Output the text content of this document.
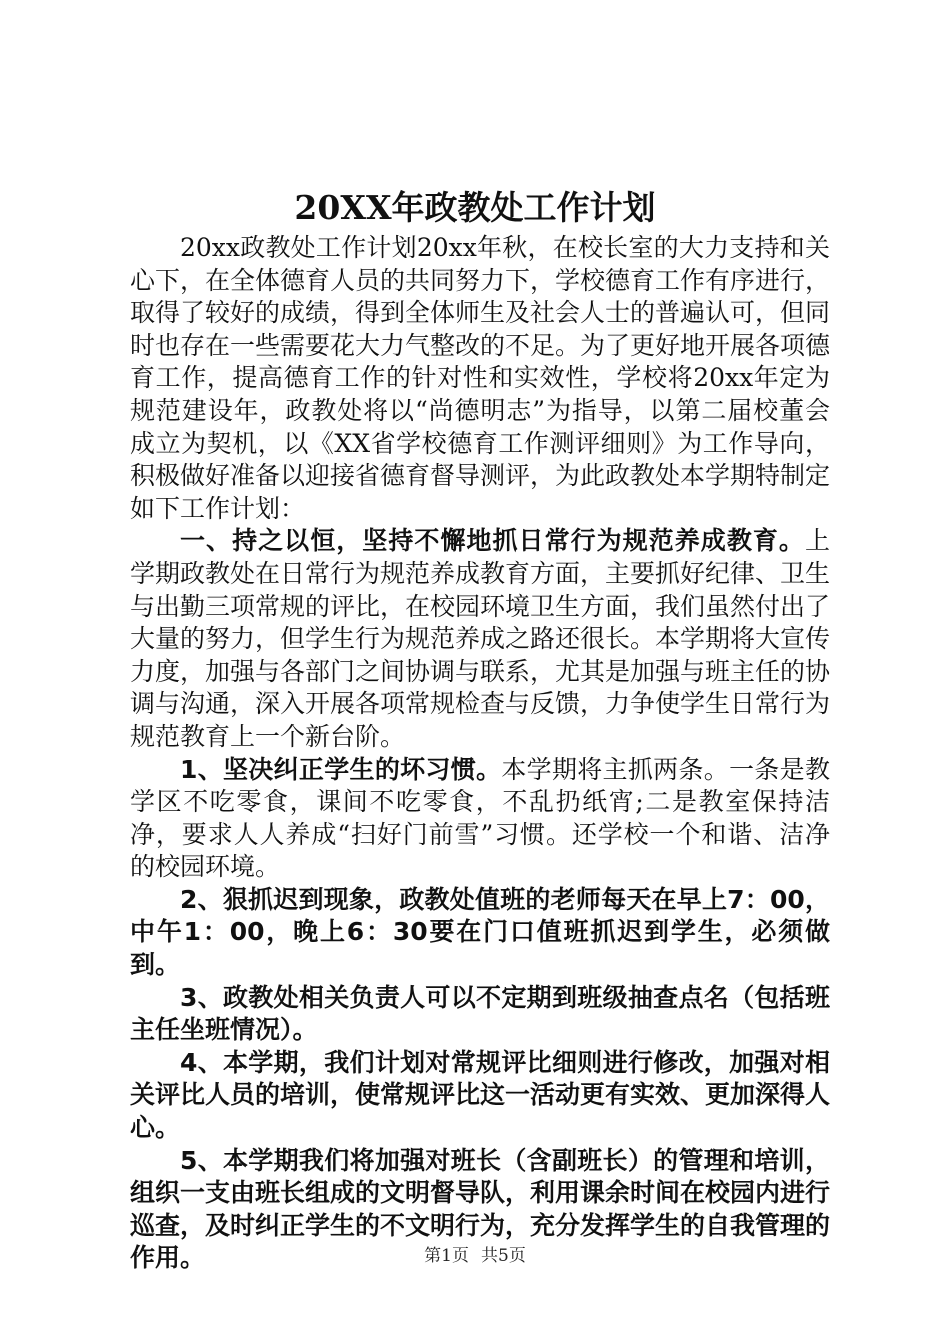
20XX年政教处工作计划

20xx政教处工作计划20xx年秋，在校长室的大力支持和关心下，在全体德育人员的共同努力下，学校德育工作有序进行，取得了较好的成绩，得到全体师生及社会人士的普遍认可，但同时也存在一些需要花大力气整改的不足。为了更好地开展各项德育工作，提高德育工作的针对性和实效性，学校将20xx年定为规范建设年，政教处将以“尚德明志”为指导，以第二届校董会成立为契机，以《XX省学校德育工作测评细则》为工作导向，积极做好准备以迎接省德育督导测评，为此政教处本学期特制定如下工作计划：

一、持之以恒，坚持不懈地抓日常行为规范养成教育。上学期政教处在日常行为规范养成教育方面，主要抓好纪律、卫生与出勤三项常规的评比，在校园环境卫生方面，我们虽然付出了大量的努力，但学生行为规范养成之路还很长。本学期将大宣传力度，加强与各部门之间协调与联系，尤其是加强与班主任的协调与沟通，深入开展各项常规检查与反馈，力争使学生日常行为规范教育上一个新台阶。

1、坚决纠正学生的坏习惯。本学期将主抓两条。一条是教学区不吃零食，课间不吃零食，不乱扔纸宵;二是教室保持洁净，要求人人养成“扫好门前雪”习惯。还学校一个和谐、洁净的校园环境。

2、狠抓迟到现象，政教处值班的老师每天在早上7：00，中午1：00，晚上6：30要在门口值班抓迟到学生，必须做到。

3、政教处相关负责人可以不定期到班级抽查点名（包括班主任坐班情况）。

4、本学期，我们计划对常规评比细则进行修改，加强对相关评比人员的培训，使常规评比这一活动更有实效、更加深得人心。

5、本学期我们将加强对班长（含副班长）的管理和培训，组织一支由班长组成的文明督导队，利用课余时间在校园内进行巡查，及时纠正学生的不文明行为，充分发挥学生的自我管理的作用。	第1页 共5页
